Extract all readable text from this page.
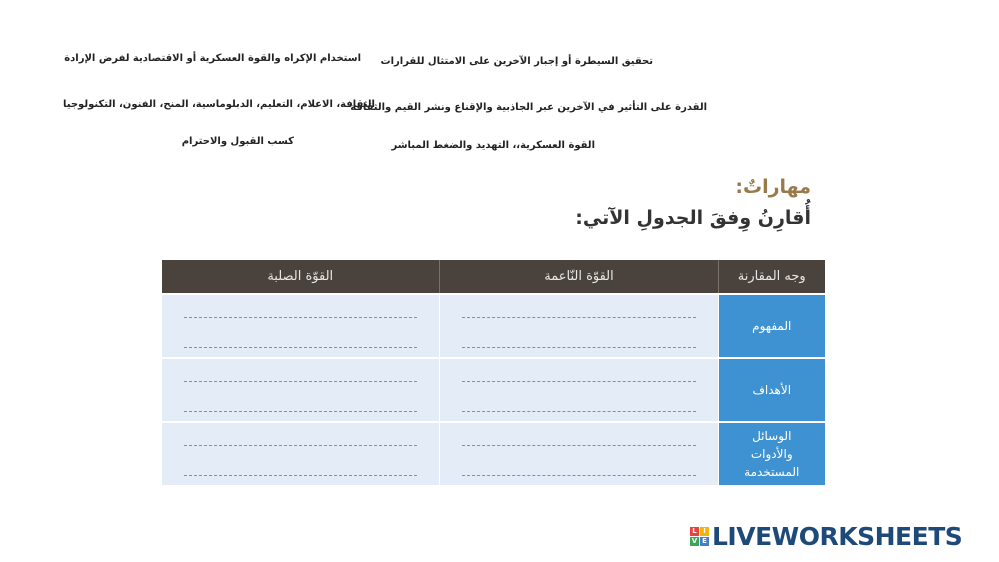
استخدام الإكراه والقوة العسكرية أو الاقتصادية لفرض الإرادة تحقيق السيطرة أو إجبار الآخرين على الامتثال للقرارات
الثقافة، الاعلام، التعليم، الدبلوماسية، المنح، الفنون، التكنولوجيا
القدرة على التأثير في الآخرين عبر الجاذبية والإقناع ونشر القيم والثقافة
كسب القبول والاحترام	القوة العسكرية،، التهديد والضغط المباشر
مهاراتٌ:
أُقارِنُ وِفقَ الجدولِ الآتي:
وجه المقارنة	القوّة النّاعمة	القوّة الصلبة
المفهوم	

الأهداف	

الوسائل والأدوات المستخدمة	

L I
V E LIVEWORKSHEETS
